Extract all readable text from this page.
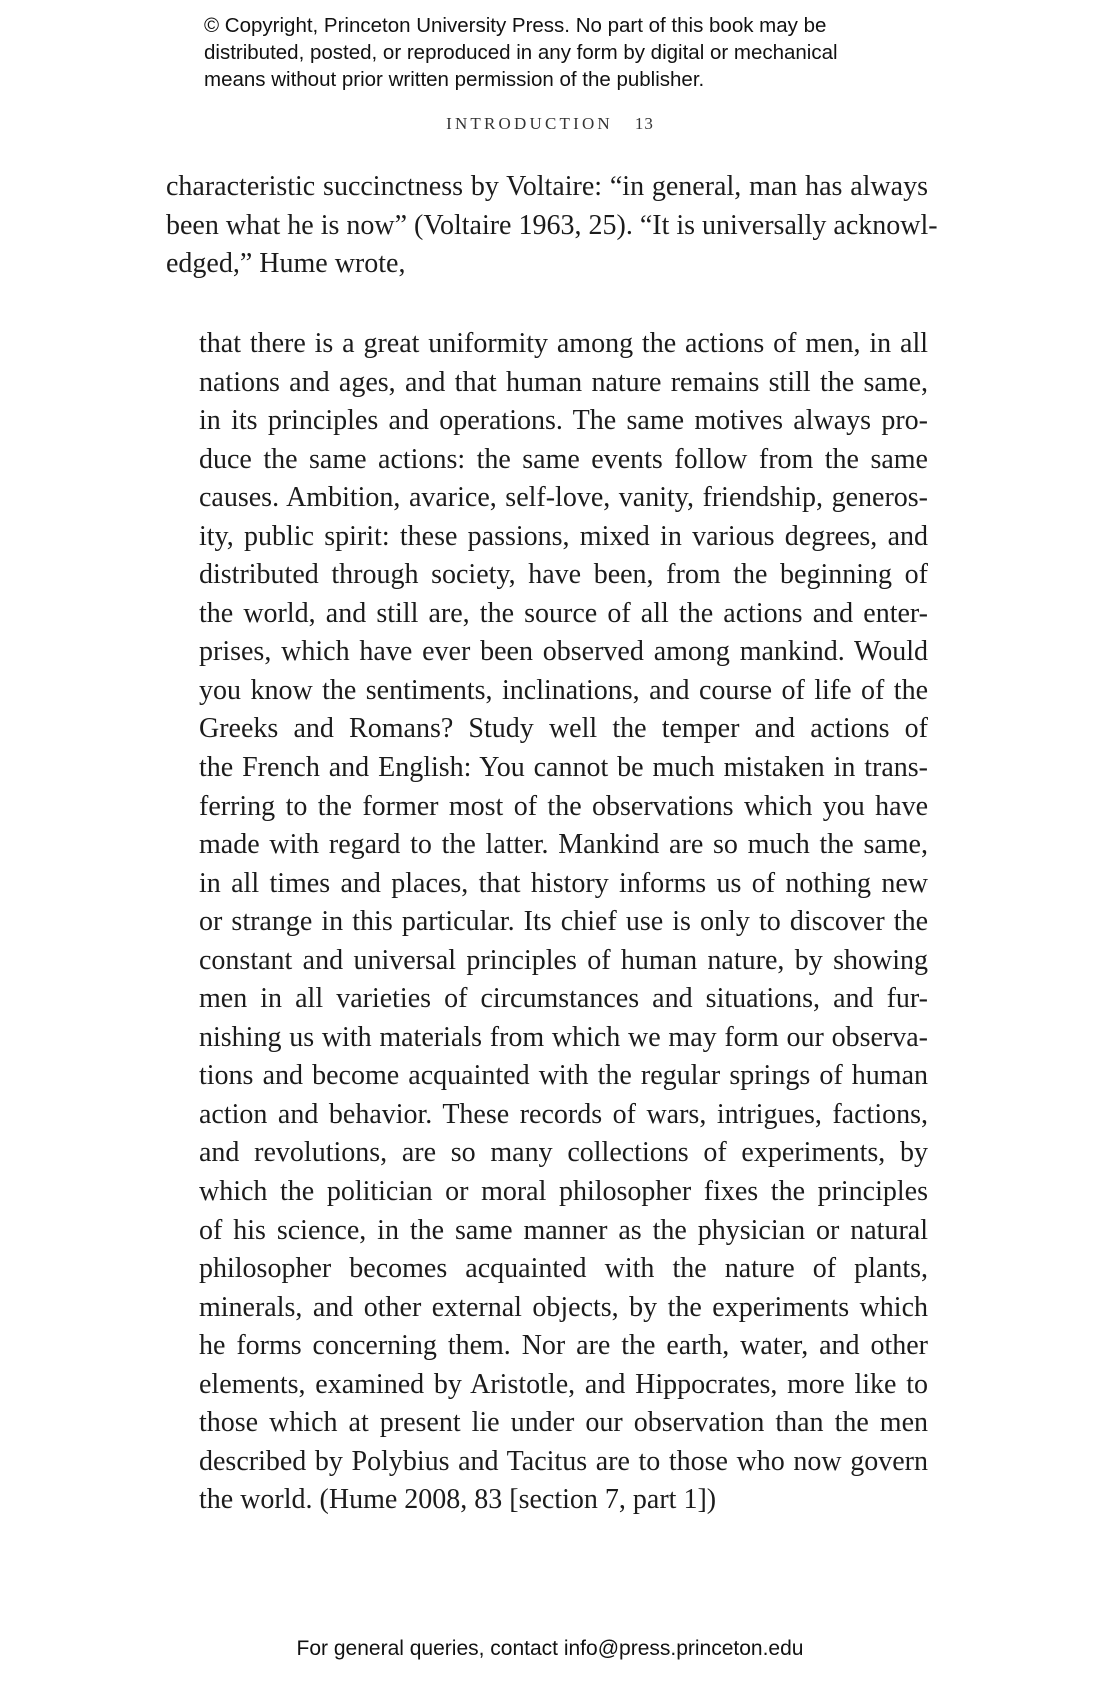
© Copyright, Princeton University Press. No part of this book may be
distributed, posted, or reproduced in any form by digital or mechanical
means without prior written permission of the publisher.
INTRODUCTION 13
characteristic succinctness by Voltaire: “in general, man has always
been what he is now” (Voltaire 1963, 25). “It is universally acknowl-
edged,” Hume wrote,
that there is a great uniformity among the actions of men, in all
nations and ages, and that human nature remains still the same,
in its principles and operations. The same motives always pro-
duce the same actions: the same events follow from the same
causes. Ambition, avarice, self-love, vanity, friendship, generos-
ity, public spirit: these passions, mixed in various degrees, and
distributed through society, have been, from the beginning of
the world, and still are, the source of all the actions and enter-
prises, which have ever been observed among mankind. Would
you know the sentiments, inclinations, and course of life of the
Greeks and Romans? Study well the temper and actions of
the French and English: You cannot be much mistaken in trans-
ferring to the former most of the observations which you have
made with regard to the latter. Mankind are so much the same,
in all times and places, that history informs us of nothing new
or strange in this particular. Its chief use is only to discover the
constant and universal principles of human nature, by showing
men in all varieties of circumstances and situations, and fur-
nishing us with materials from which we may form our observa-
tions and become acquainted with the regular springs of human
action and behavior. These records of wars, intrigues, factions,
and revolutions, are so many collections of experiments, by
which the politician or moral philosopher fixes the principles
of his science, in the same manner as the physician or natural
philosopher becomes acquainted with the nature of plants,
minerals, and other external objects, by the experiments which
he forms concerning them. Nor are the earth, water, and other
elements, examined by Aristotle, and Hippocrates, more like to
those which at present lie under our observation than the men
described by Polybius and Tacitus are to those who now govern
the world. (Hume 2008, 83 [section 7, part 1])
For general queries, contact info@press.princeton.edu
